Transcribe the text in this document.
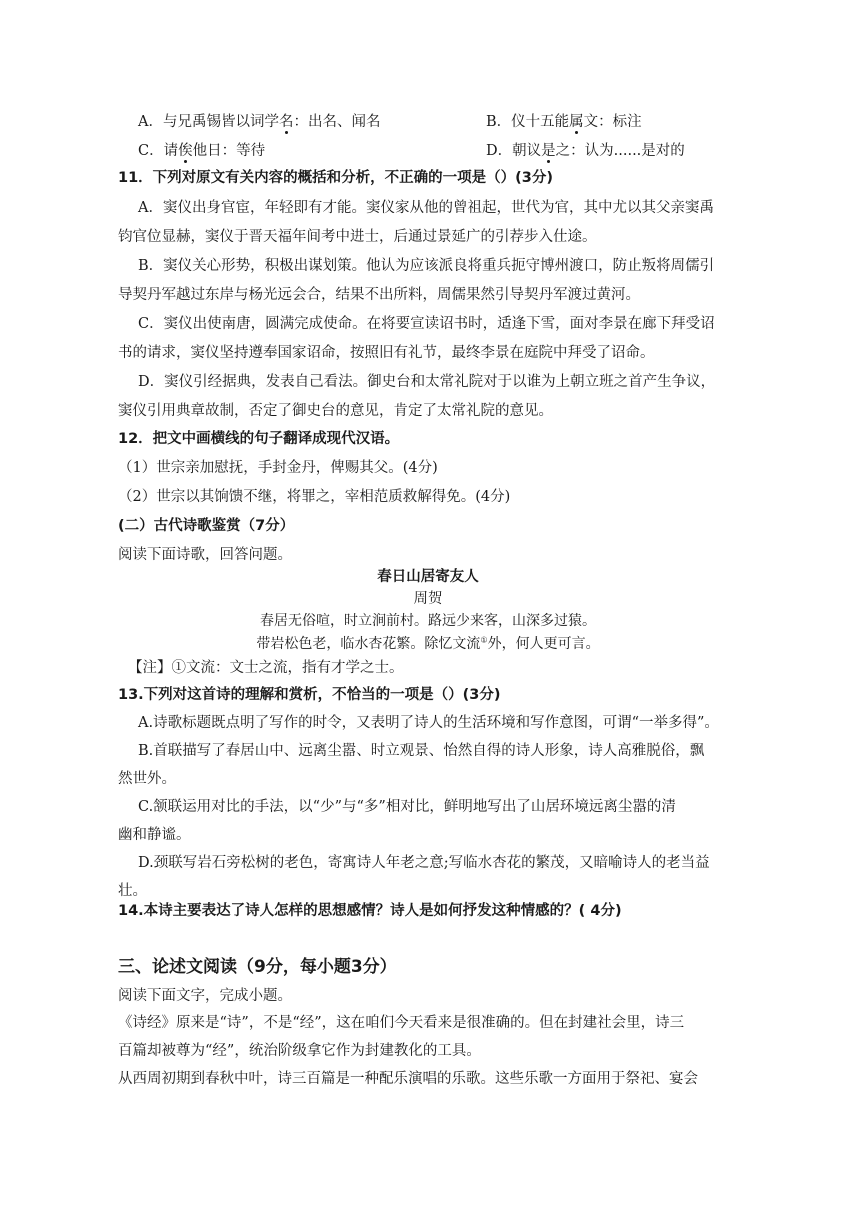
A．与兄禹锡皆以词学名：出名、闻名	B．仪十五能属文：标注
C．请俟他日：等待	D．朝议是之：认为......是对的
11．下列对原文有关内容的概括和分析，不正确的一项是（）(3分)
A．窦仪出身官宦，年轻即有才能。窦仪家从他的曾祖起，世代为官，其中尤以其父亲窦禹
钧官位显赫，窦仪于晋天福年间考中进士，后通过景延广的引荐步入仕途。
B．窦仪关心形势，积极出谋划策。他认为应该派良将重兵扼守博州渡口，防止叛将周儒引
导契丹军越过东岸与杨光远会合，结果不出所料，周儒果然引导契丹军渡过黄河。
C．窦仪出使南唐，圆满完成使命。在将要宣读诏书时，适逢下雪，面对李景在廊下拜受诏
书的请求，窦仪坚持遵奉国家诏命，按照旧有礼节，最终李景在庭院中拜受了诏命。
D．窦仪引经据典，发表自己看法。御史台和太常礼院对于以谁为上朝立班之首产生争议，
窦仪引用典章故制，否定了御史台的意见，肯定了太常礼院的意见。
12．把文中画横线的句子翻译成现代汉语。
（1）世宗亲加慰抚，手封金丹，俾赐其父。(4分)
（2）世宗以其饷馈不继，将罪之，宰相范质救解得免。(4分)
(二）古代诗歌鉴赏（7分）
阅读下面诗歌，回答问题。
春日山居寄友人
周贺
春居无俗喧，时立涧前村。路远少来客，山深多过猿。
带岩松色老，临水杏花繁。除忆文流①外，何人更可言。
【注】①文流：文士之流，指有才学之士。
13.下列对这首诗的理解和赏析，不恰当的一项是（）(3分)
A.诗歌标题既点明了写作的时令，又表明了诗人的生活环境和写作意图，可谓“一举多得”。
B.首联描写了春居山中、远离尘嚣、时立观景、怡然自得的诗人形象，诗人高雅脱俗，飘
然世外。
C.颔联运用对比的手法，以“少”与“多”相对比，鲜明地写出了山居环境远离尘嚣的清
幽和静谧。
D.颈联写岩石旁松树的老色，寄寓诗人年老之意;写临水杏花的繁茂，又暗喻诗人的老当益
壮。
14.本诗主要表达了诗人怎样的思想感情？诗人是如何抒发这种情感的？( 4分)
三、论述文阅读（9分，每小题3分）
阅读下面文字，完成小题。
《诗经》原来是“诗”，不是“经”，这在咱们今天看来是很准确的。但在封建社会里，诗三
百篇却被尊为“经”，统治阶级拿它作为封建教化的工具。
从西周初期到春秋中叶，诗三百篇是一种配乐演唱的乐歌。这些乐歌一方面用于祭祀、宴会
